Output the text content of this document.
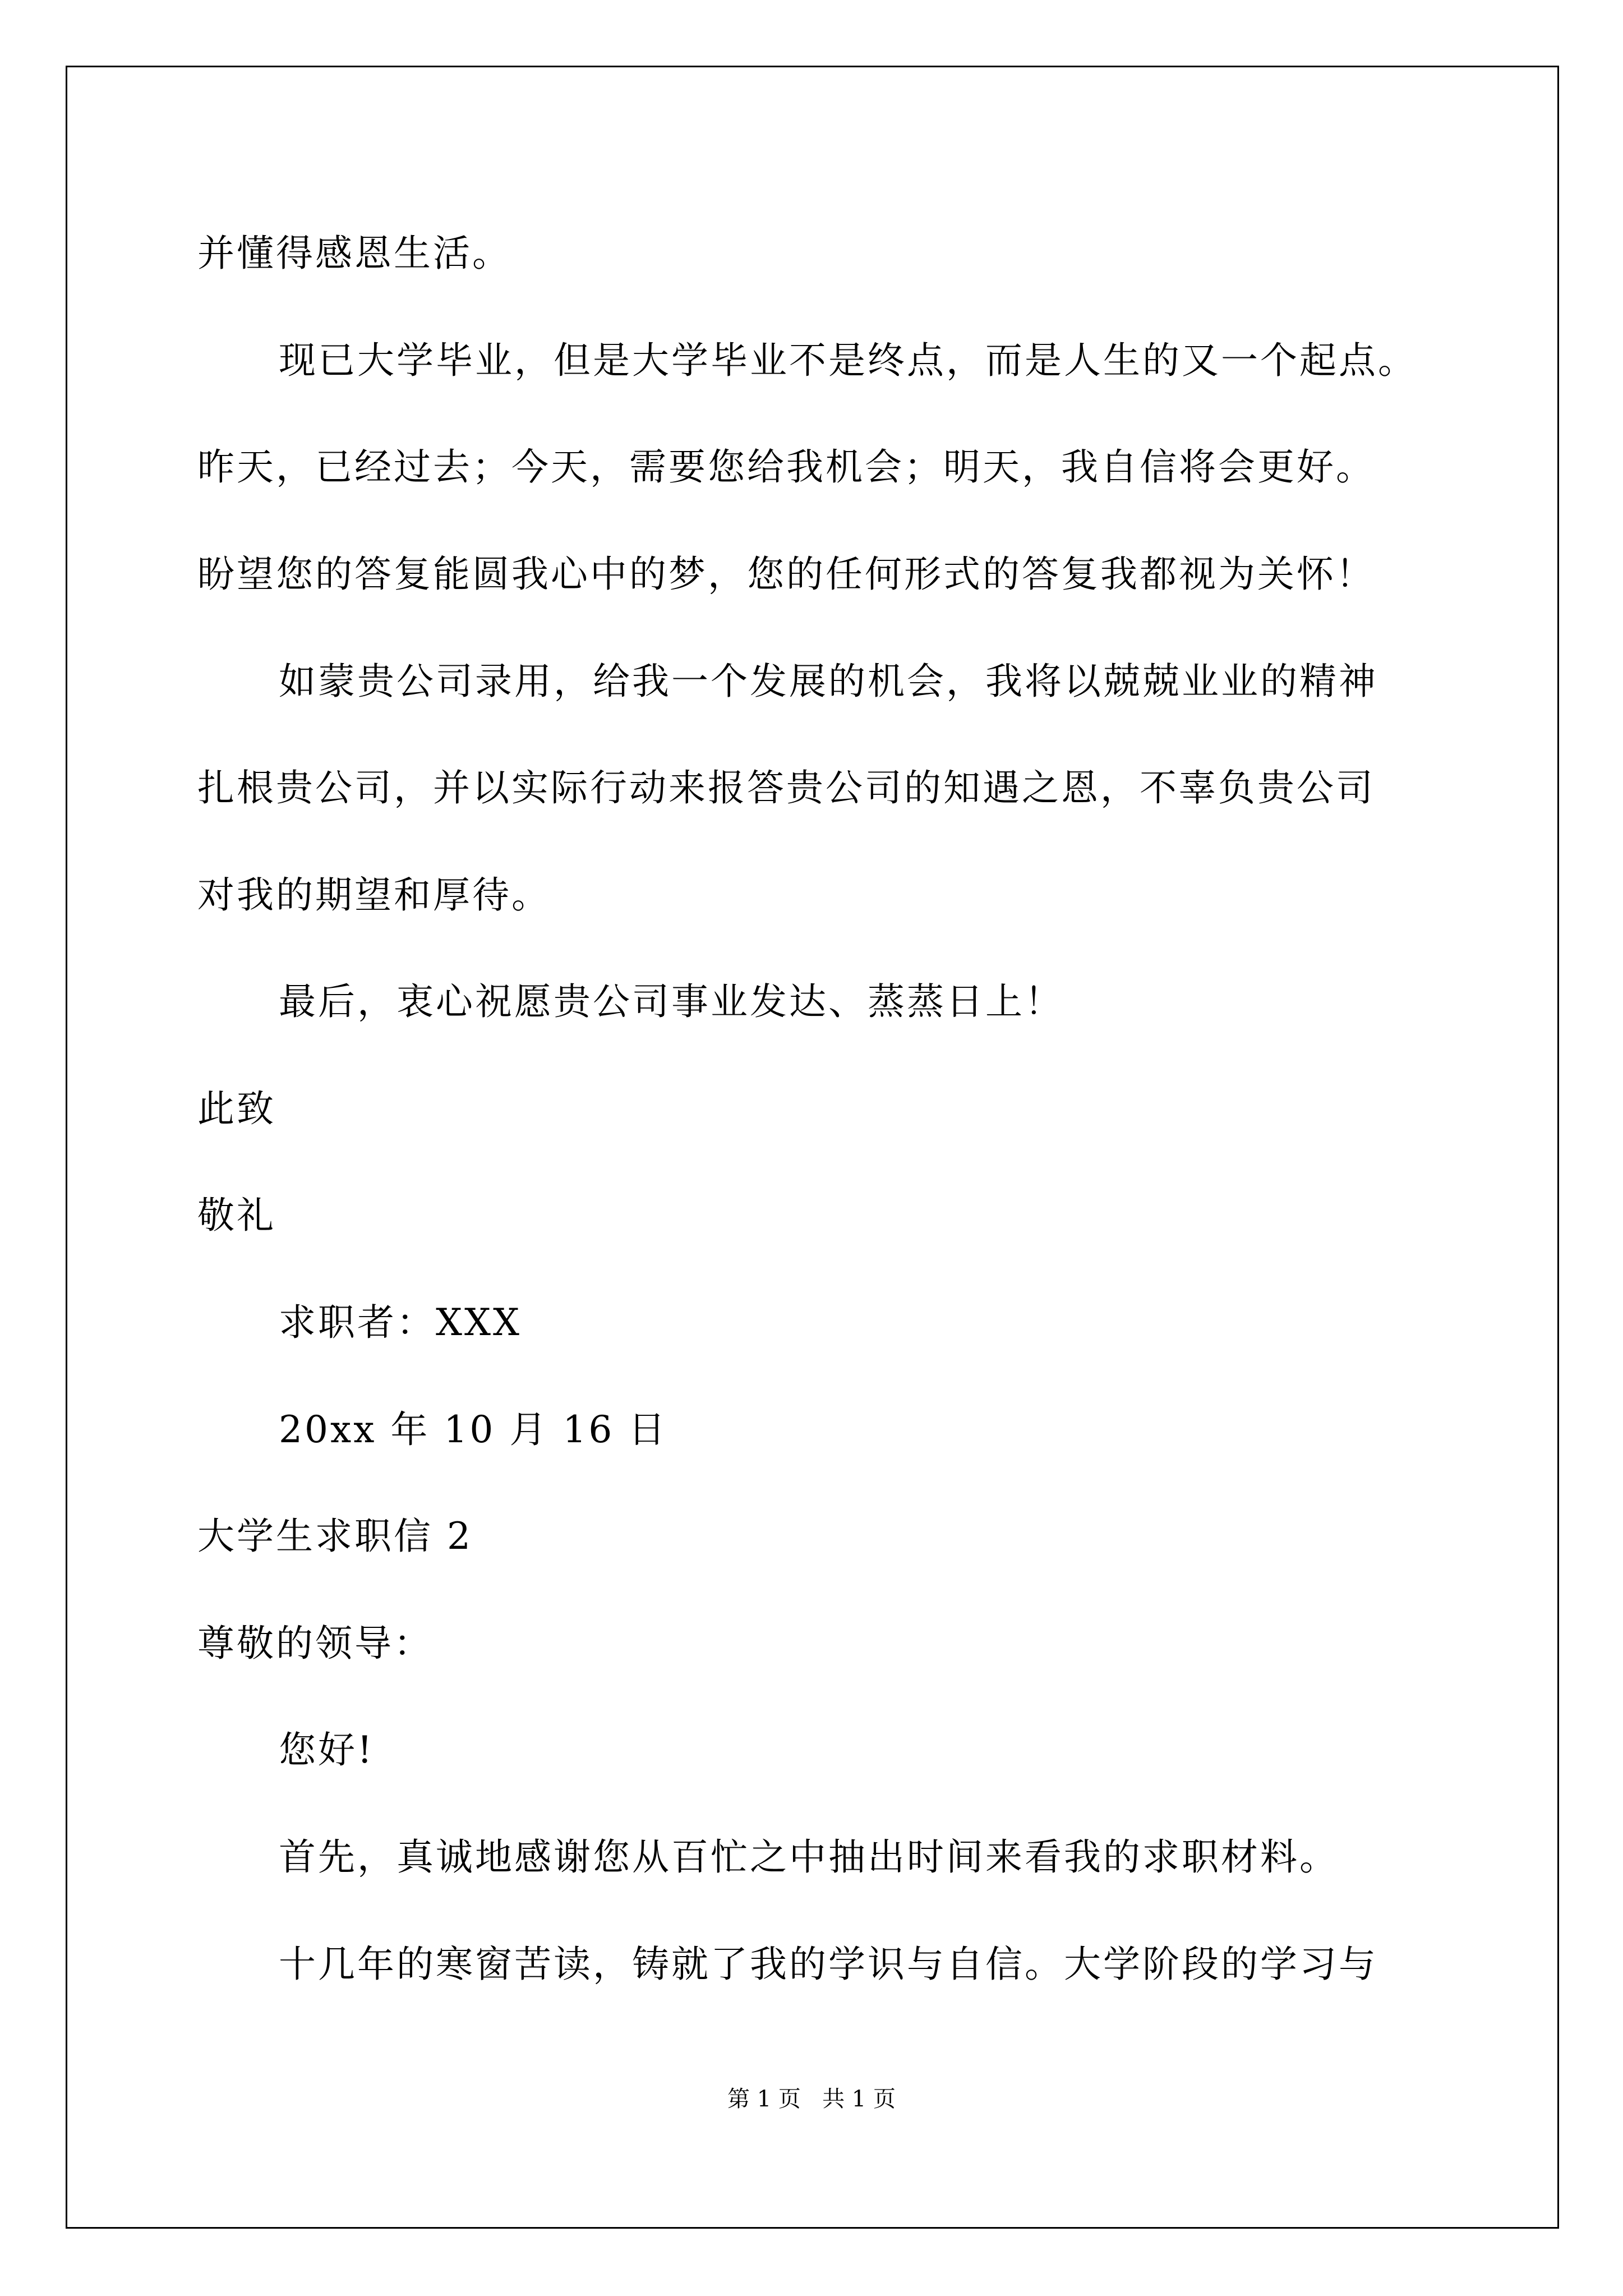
并懂得感恩生活。
现已大学毕业，但是大学毕业不是终点，而是人生的又一个起点。
昨天，已经过去；今天，需要您给我机会；明天，我自信将会更好。
盼望您的答复能圆我心中的梦，您的任何形式的答复我都视为关怀！
如蒙贵公司录用，给我一个发展的机会，我将以兢兢业业的精神
扎根贵公司，并以实际行动来报答贵公司的知遇之恩，不辜负贵公司
对我的期望和厚待。
最后，衷心祝愿贵公司事业发达、蒸蒸日上！
此致
敬礼
求职者：XXX
20xx 年 10 月 16 日
大学生求职信 2
尊敬的领导：
您好!
首先，真诚地感谢您从百忙之中抽出时间来看我的求职材料。
十几年的寒窗苦读，铸就了我的学识与自信。大学阶段的学习与
第 1 页   共 1 页
